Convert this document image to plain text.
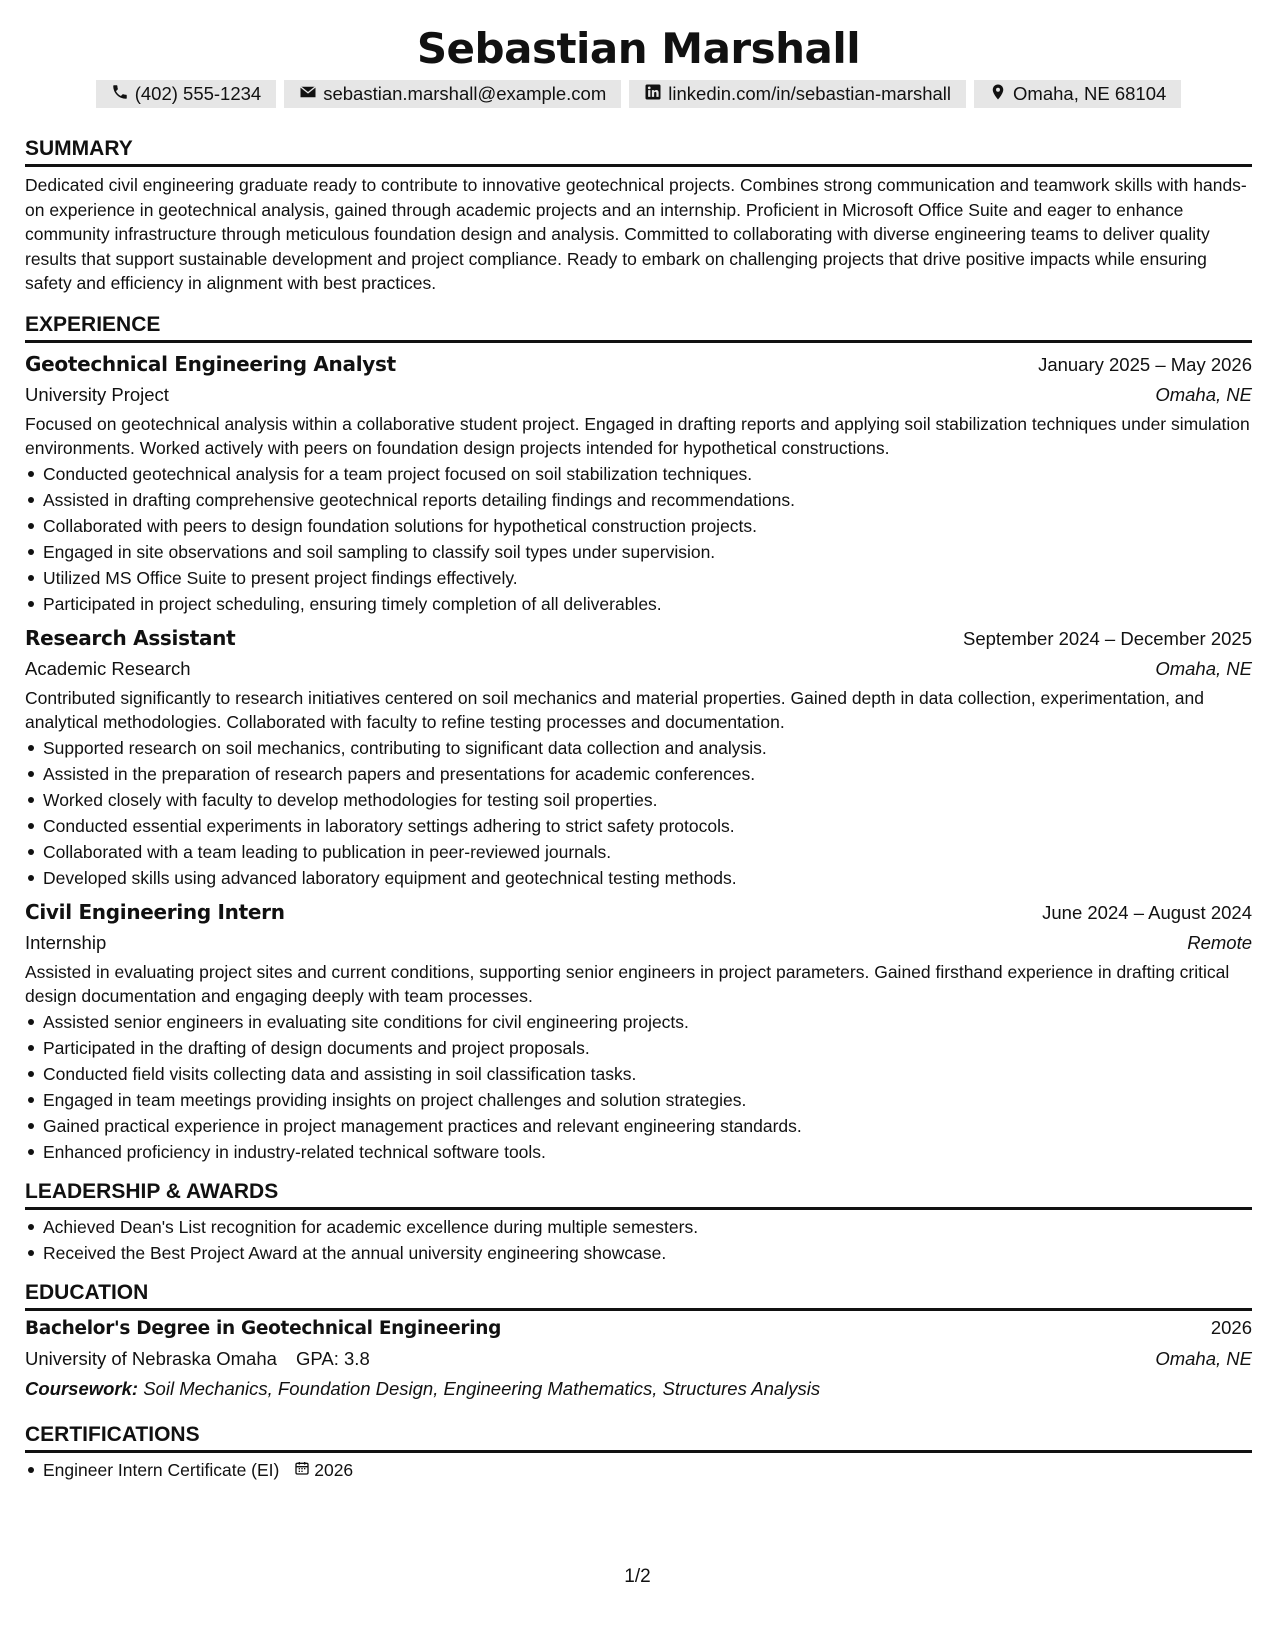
Sebastian Marshall
(402) 555-1234	sebastian.marshall@example.com	linkedin.com/in/sebastian-marshall	Omaha, NE 68104
SUMMARY
Dedicated civil engineering graduate ready to contribute to innovative geotechnical projects. Combines strong communication and teamwork skills with hands-on experience in geotechnical analysis, gained through academic projects and an internship. Proficient in Microsoft Office Suite and eager to enhance community infrastructure through meticulous foundation design and analysis. Committed to collaborating with diverse engineering teams to deliver quality results that support sustainable development and project compliance. Ready to embark on challenging projects that drive positive impacts while ensuring safety and efficiency in alignment with best practices.
EXPERIENCE
Geotechnical Engineering Analyst	January 2025 – May 2026
University Project	Omaha, NE
Focused on geotechnical analysis within a collaborative student project. Engaged in drafting reports and applying soil stabilization techniques under simulation environments. Worked actively with peers on foundation design projects intended for hypothetical constructions.
Conducted geotechnical analysis for a team project focused on soil stabilization techniques.
Assisted in drafting comprehensive geotechnical reports detailing findings and recommendations.
Collaborated with peers to design foundation solutions for hypothetical construction projects.
Engaged in site observations and soil sampling to classify soil types under supervision.
Utilized MS Office Suite to present project findings effectively.
Participated in project scheduling, ensuring timely completion of all deliverables.
Research Assistant	September 2024 – December 2025
Academic Research	Omaha, NE
Contributed significantly to research initiatives centered on soil mechanics and material properties. Gained depth in data collection, experimentation, and analytical methodologies. Collaborated with faculty to refine testing processes and documentation.
Supported research on soil mechanics, contributing to significant data collection and analysis.
Assisted in the preparation of research papers and presentations for academic conferences.
Worked closely with faculty to develop methodologies for testing soil properties.
Conducted essential experiments in laboratory settings adhering to strict safety protocols.
Collaborated with a team leading to publication in peer-reviewed journals.
Developed skills using advanced laboratory equipment and geotechnical testing methods.
Civil Engineering Intern	June 2024 – August 2024
Internship	Remote
Assisted in evaluating project sites and current conditions, supporting senior engineers in project parameters. Gained firsthand experience in drafting critical design documentation and engaging deeply with team processes.
Assisted senior engineers in evaluating site conditions for civil engineering projects.
Participated in the drafting of design documents and project proposals.
Conducted field visits collecting data and assisting in soil classification tasks.
Engaged in team meetings providing insights on project challenges and solution strategies.
Gained practical experience in project management practices and relevant engineering standards.
Enhanced proficiency in industry-related technical software tools.
LEADERSHIP & AWARDS
Achieved Dean's List recognition for academic excellence during multiple semesters.
Received the Best Project Award at the annual university engineering showcase.
EDUCATION
Bachelor's Degree in Geotechnical Engineering	2026
University of Nebraska Omaha GPA: 3.8	Omaha, NE
Coursework: Soil Mechanics, Foundation Design, Engineering Mathematics, Structures Analysis
CERTIFICATIONS
Engineer Intern Certificate (EI) 2026
1/2
